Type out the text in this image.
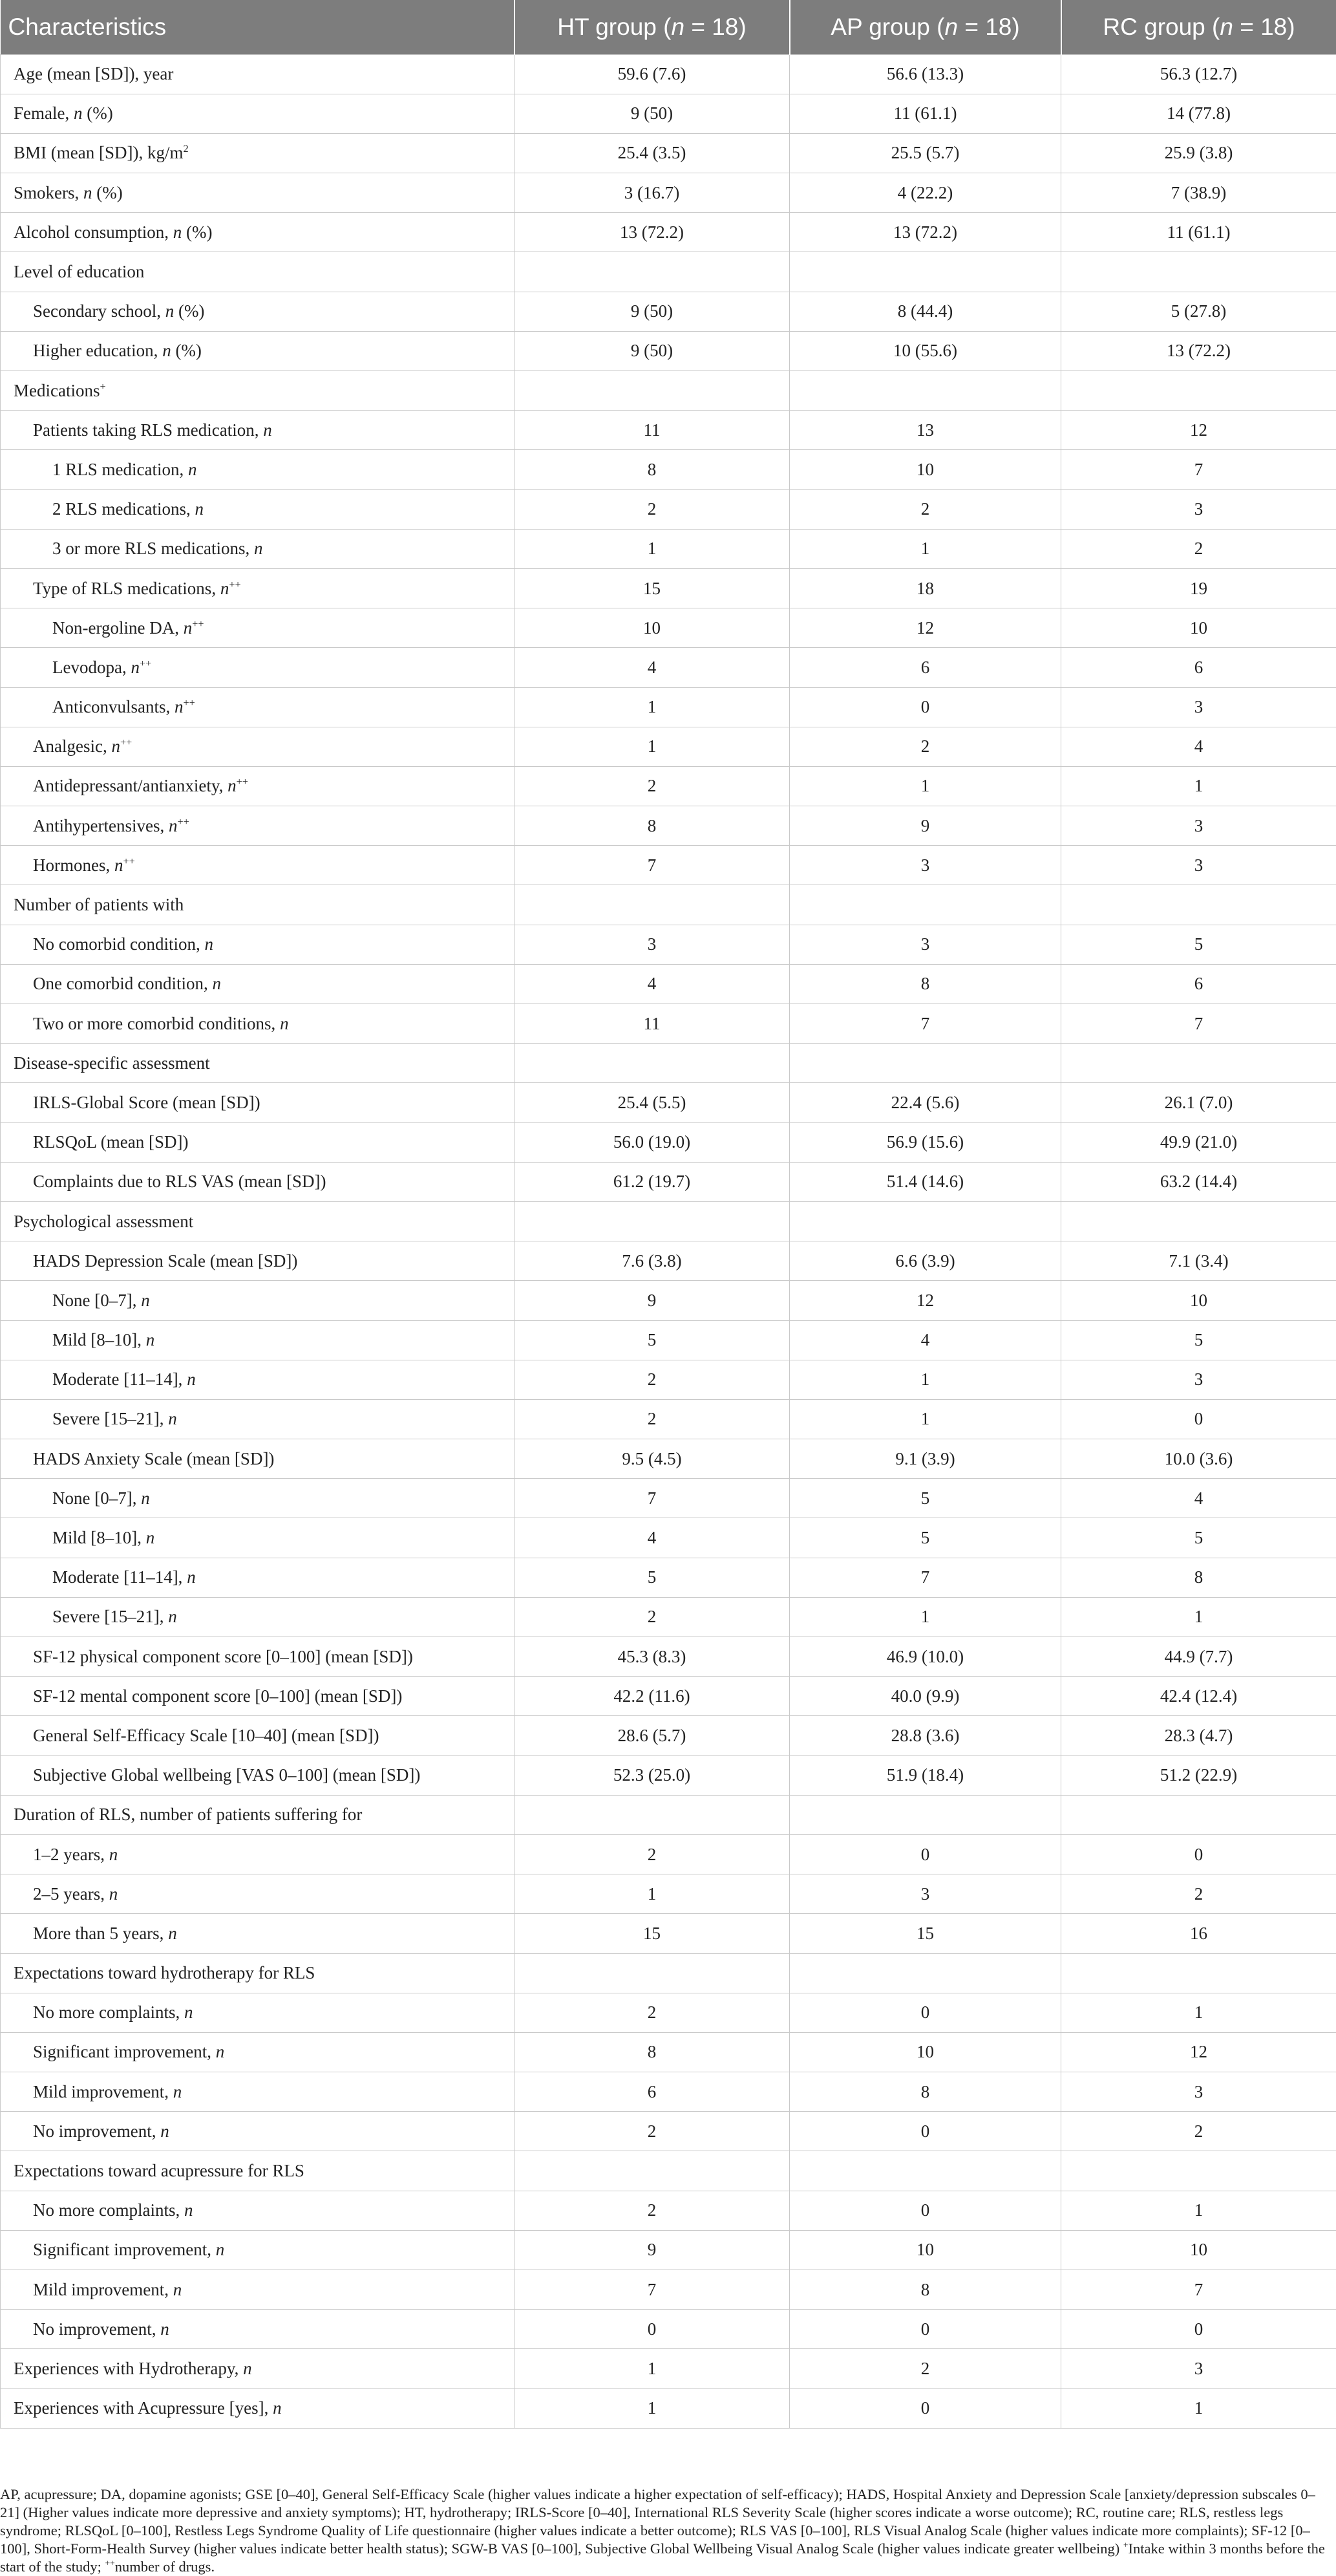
Characteristics	HT group (n = 18)	AP group (n = 18)	RC group (n = 18)
Age (mean [SD]), year	59.6 (7.6)	56.6 (13.3)	56.3 (12.7)
Female, n (%)	9 (50)	11 (61.1)	14 (77.8)
BMI (mean [SD]), $kg/m^2$	25.4 (3.5)	25.5 (5.7)	25.9 (3.8)
Smokers, n (%)	3 (16.7)	4 (22.2)	7 (38.9)
Alcohol consumption, n (%)	13 (72.2)	13 (72.2)	11 (61.1)
Level of education			
Secondary school, n (%)	9 (50)	8 (44.4)	5 (27.8)
Higher education, n (%)	9 (50)	10 (55.6)	13 (72.2)
Medications+			
Patients taking RLS medication, n	11	13	12
1 RLS medication, n	8	10	7
2 RLS medications, n	2	2	3
3 or more RLS medications, n	1	1	2
Type of RLS medications, n++	15	18	19
Non-ergoline DA, n++	10	12	10
Levodopa, n++	4	6	6
Anticonvulsants, n++	1	0	3
Analgesic, n++	1	2	4
Antidepressant/antianxiety, n++	2	1	1
Antihypertensives, n++	8	9	3
Hormones, n++	7	3	3
Number of patients with			
No comorbid condition, n	3	3	5
One comorbid condition, n	4	8	6
Two or more comorbid conditions, n	11	7	7
Disease-specific assessment			
IRLS-Global Score (mean [SD])	25.4 (5.5)	22.4 (5.6)	26.1 (7.0)
RLSQoL (mean [SD])	56.0 (19.0)	56.9 (15.6)	49.9 (21.0)
Complaints due to RLS VAS (mean [SD])	61.2 (19.7)	51.4 (14.6)	63.2 (14.4)
Psychological assessment			
HADS Depression Scale (mean [SD])	7.6 (3.8)	6.6 (3.9)	7.1 (3.4)
None [0–7], n	9	12	10
Mild [8–10], n	5	4	5
Moderate [11–14], n	2	1	3
Severe [15–21], n	2	1	0
HADS Anxiety Scale (mean [SD])	9.5 (4.5)	9.1 (3.9)	10.0 (3.6)
None [0–7], n	7	5	4
Mild [8–10], n	4	5	5
Moderate [11–14], n	5	7	8
Severe [15–21], n	2	1	1
SF-12 physical component score [0–100] (mean [SD])	45.3 (8.3)	46.9 (10.0)	44.9 (7.7)
SF-12 mental component score [0–100] (mean [SD])	42.2 (11.6)	40.0 (9.9)	42.4 (12.4)
General Self-Efficacy Scale [10–40] (mean [SD])	28.6 (5.7)	28.8 (3.6)	28.3 (4.7)
Subjective Global wellbeing [VAS 0–100] (mean [SD])	52.3 (25.0)	51.9 (18.4)	51.2 (22.9)
Duration of RLS, number of patients suffering for			
1–2 years, n	2	0	0
2–5 years, n	1	3	2
More than 5 years, n	15	15	16
Expectations toward hydrotherapy for RLS			
No more complaints, n	2	0	1
Significant improvement, n	8	10	12
Mild improvement, n	6	8	3
No improvement, n	2	0	2
Expectations toward acupressure for RLS			
No more complaints, n	2	0	1
Significant improvement, n	9	10	10
Mild improvement, n	7	8	7
No improvement, n	0	0	0
Experiences with Hydrotherapy, n	1	2	3
Experiences with Acupressure [yes], n	1	0	1

AP, acupressure; DA, dopamine agonists; GSE [0–40], General Self-Efficacy Scale (higher values indicate a higher expectation of self-efficacy); HADS, Hospital Anxiety and Depression Scale [anxiety/depression subscales 0–21] (Higher values indicate more depressive and anxiety symptoms); HT, hydrotherapy; IRLS-Score [0–40], International RLS Severity Scale (higher scores indicate a worse outcome); RC, routine care; RLS, restless legs syndrome; RLSQoL [0–100], Restless Legs Syndrome Quality of Life questionnaire (higher values indicate a better outcome); RLS VAS [0–100], RLS Visual Analog Scale (higher values indicate more complaints); SF-12 [0–100], Short-Form-Health Survey (higher values indicate better health status); SGW-B VAS [0–100], Subjective Global Wellbeing Visual Analog Scale (higher values indicate greater wellbeing) +Intake within 3 months before the start of the study; ++number of drugs.
